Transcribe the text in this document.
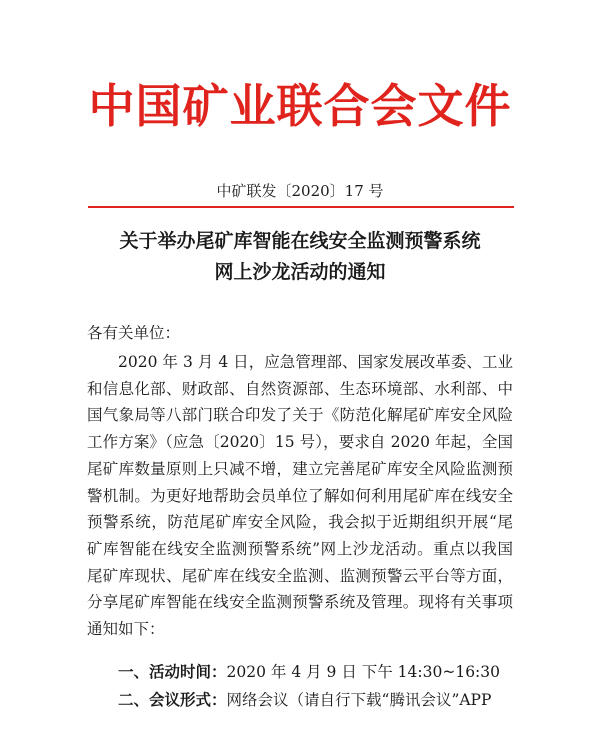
中国矿业联合会文件
中矿联发〔2020〕17 号
关于举办尾矿库智能在线安全监测预警系统
网上沙龙活动的通知
各有关单位：
2020 年 3 月 4 日，应急管理部、国家发展改革委、工业和信息化部、财政部、自然资源部、生态环境部、水利部、中国气象局等八部门联合印发了关于《防范化解尾矿库安全风险工作方案》（应急〔2020〕15 号），要求自 2020 年起，全国尾矿库数量原则上只减不增，建立完善尾矿库安全风险监测预警机制。为更好地帮助会员单位了解如何利用尾矿库在线安全预警系统，防范尾矿库安全风险，我会拟于近期组织开展“尾矿库智能在线安全监测预警系统”网上沙龙活动。重点以我国尾矿库现状、尾矿库在线安全监测、监测预警云平台等方面，分享尾矿库智能在线安全监测预警系统及管理。现将有关事项通知如下：
一、活动时间：2020 年 4 月 9 日 下午 14:30~16:30
二、会议形式：网络会议（请自行下载“腾讯会议”APP
